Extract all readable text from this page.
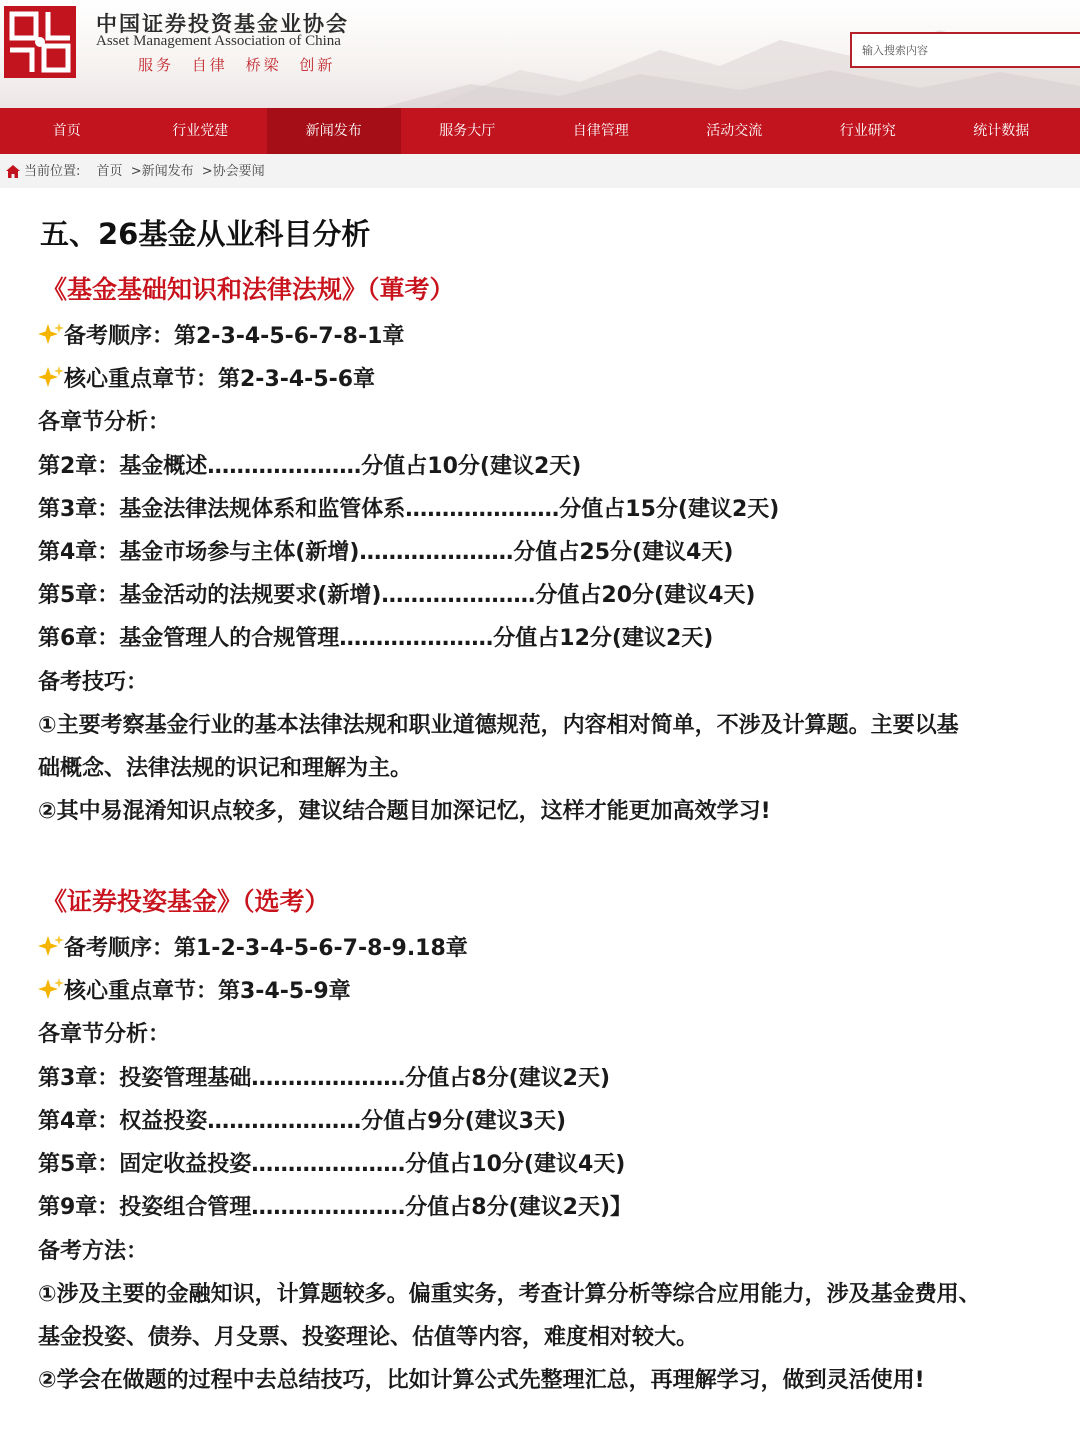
中国证券投资基金业协会
Asset Management Association of China
服务 自律 桥梁 创新
输入搜索内容
首页	行业党建	新闻发布	服务大厅	自律管理	活动交流	行业研究	统计数据
当前位置: 首页 >新闻发布 >协会要闻
五、26基金从业科目分析
《基金基础知识和法律法规》（莗考）
备考顺序：第2-3-4-5-6-7-8-1章
核心重点章节：第2-3-4-5-6章
各章节分析：
第2章：基金概述…………………分值占10分(建议2天)
第3章：基金法律法规体系和监管体系…………………分值占15分(建议2天)
第4章：基金市场参与主体(新增)…………………分值占25分(建议4天)
第5章：基金活动的法规要求(新增)…………………分值占20分(建议4天)
第6章：基金管理人的合规管理…………………分值占12分(建议2天)
备考技巧：
①主要考察基金行业的基本法律法规和职业道德规范，内容相对简单，不涉及计算题。主要以基
础概念、法律法规的识记和理解为主。
②其中易混淆知识点较多，建议结合题目加深记忆，这样才能更加高效学习!
《证券投姿基金》（选考）
备考顺序：第1-2-3-4-5-6-7-8-9.18章
核心重点章节：第3-4-5-9章
各章节分析：
第3章：投姿管理基础…………………分值占8分(建议2天)
第4章：权益投姿…………………分值占9分(建议3天)
第5章：固定收益投姿…………………分值占10分(建议4天)
第9章：投姿组合管理…………………分值占8分(建议2天)】
备考方法：
①涉及主要的金融知识，计算题较多。偏重实务，考查计算分析等综合应用能力，涉及基金费用、
基金投姿、债券、月殳票、投姿理论、估值等内容，难度相对较大。
②学会在做题的过程中去总结技巧，比如计算公式先整理汇总，再理解学习，做到灵活使用!
